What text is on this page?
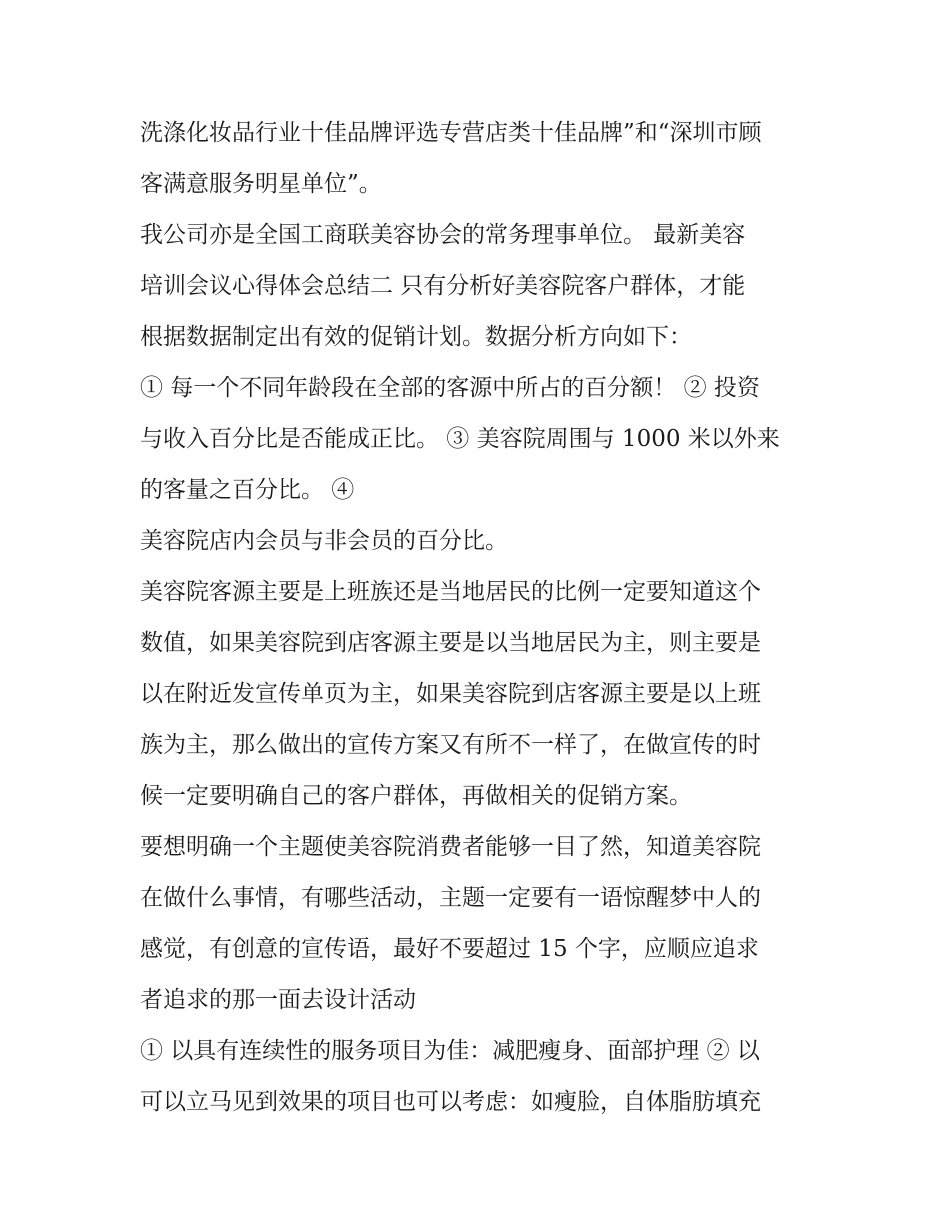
洗涤化妆品行业十佳品牌评选专营店类十佳品牌”和“深圳市顾
客满意服务明星单位”。
我公司亦是全国工商联美容协会的常务理事单位。 最新美容
培训会议心得体会总结二 只有分析好美容院客户群体，才能
根据数据制定出有效的促销计划。数据分析方向如下：
① 每一个不同年龄段在全部的客源中所占的百分额！ ② 投资
与收入百分比是否能成正比。 ③ 美容院周围与 1000 米以外来
的客量之百分比。 ④
美容院店内会员与非会员的百分比。
美容院客源主要是上班族还是当地居民的比例一定要知道这个
数值，如果美容院到店客源主要是以当地居民为主，则主要是
以在附近发宣传单页为主，如果美容院到店客源主要是以上班
族为主，那么做出的宣传方案又有所不一样了，在做宣传的时
候一定要明确自己的客户群体，再做相关的促销方案。
要想明确一个主题使美容院消费者能够一目了然，知道美容院
在做什么事情，有哪些活动，主题一定要有一语惊醒梦中人的
感觉，有创意的宣传语，最好不要超过 15 个字，应顺应追求
者追求的那一面去设计活动
① 以具有连续性的服务项目为佳：减肥瘦身、面部护理 ② 以
可以立马见到效果的项目也可以考虑：如瘦脸，自体脂肪填充
